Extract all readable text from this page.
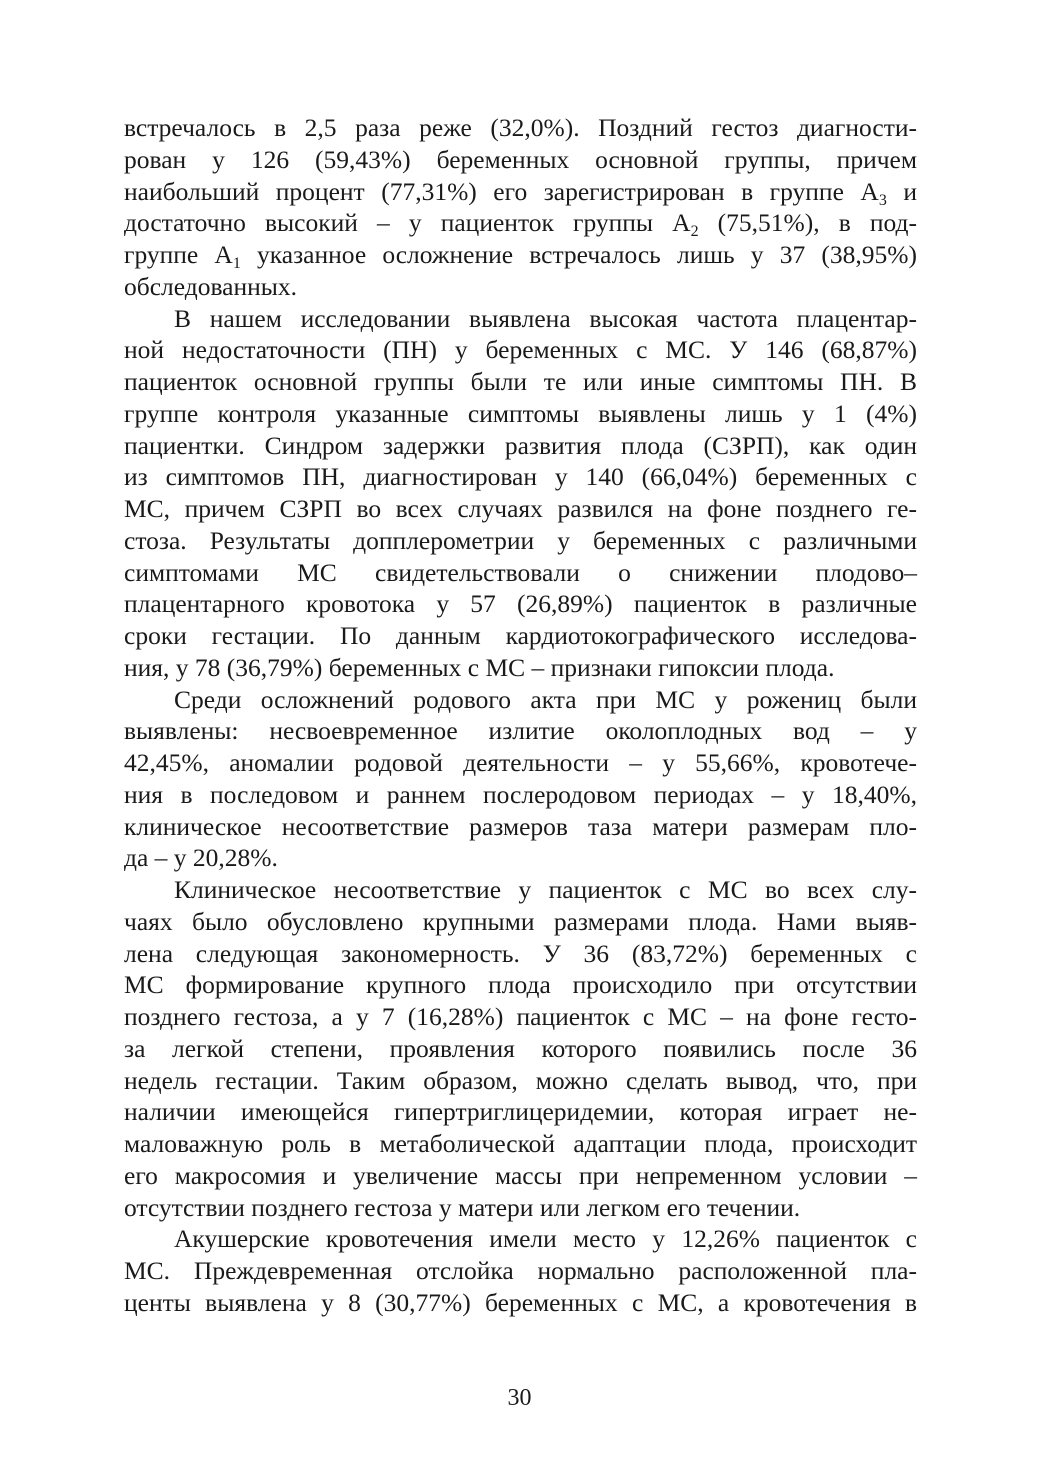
встречалось в 2,5 раза реже (32,0%). Поздний гестоз диагности-
рован у 126 (59,43%) беременных основной группы, причем
наибольший процент (77,31%) его зарегистрирован в группе А3 и
достаточно высокий – у пациенток группы А2 (75,51%), в под-
группе А1 указанное осложнение встречалось лишь у 37 (38,95%)
обследованных.
В нашем исследовании выявлена высокая частота плацентар-
ной недостаточности (ПН) у беременных с МС. У 146 (68,87%)
пациенток основной группы были те или иные симптомы ПН. В
группе контроля указанные симптомы выявлены лишь у 1 (4%)
пациентки. Синдром задержки развития плода (СЗРП), как один
из симптомов ПН, диагностирован у 140 (66,04%) беременных с
МС, причем СЗРП во всех случаях развился на фоне позднего ге-
стоза. Результаты допплерометрии у беременных с различными
симптомами МС свидетельствовали о снижении плодово–
плацентарного кровотока у 57 (26,89%) пациенток в различные
сроки гестации. По данным кардиотокографического исследова-
ния, у 78 (36,79%) беременных с МС – признаки гипоксии плода.
Среди осложнений родового акта при МС у рожениц были
выявлены: несвоевременное излитие околоплодных вод – у
42,45%, аномалии родовой деятельности – у 55,66%, кровотече-
ния в последовом и раннем послеродовом периодах – у 18,40%,
клиническое несоответствие размеров таза матери размерам пло-
да – у 20,28%.
Клиническое несоответствие у пациенток с МС во всех слу-
чаях было обусловлено крупными размерами плода. Нами выяв-
лена следующая закономерность. У 36 (83,72%) беременных с
МС формирование крупного плода происходило при отсутствии
позднего гестоза, а у 7 (16,28%) пациенток с МС – на фоне гесто-
за легкой степени, проявления которого появились после 36
недель гестации. Таким образом, можно сделать вывод, что, при
наличии имеющейся гипертриглицеридемии, которая играет не-
маловажную роль в метаболической адаптации плода, происходит
его макросомия и увеличение массы при непременном условии –
отсутствии позднего гестоза у матери или легком его течении.
Акушерские кровотечения имели место у 12,26% пациенток с
МС. Преждевременная отслойка нормально расположенной пла-
центы выявлена у 8 (30,77%) беременных с МС, а кровотечения в
30
